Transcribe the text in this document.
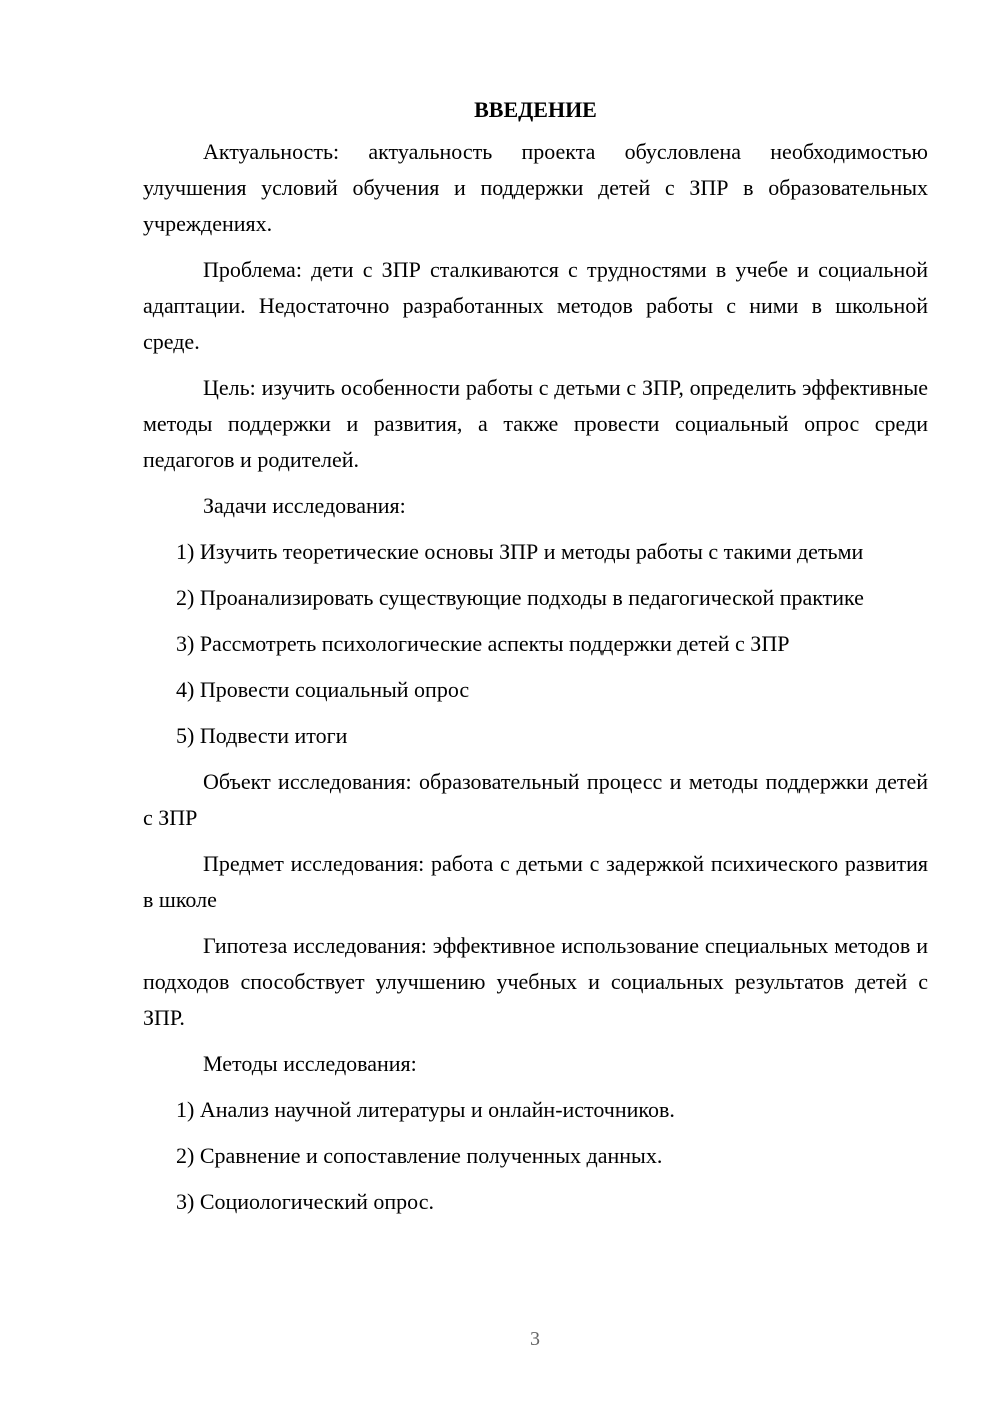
ВВЕДЕНИЕ

Актуальность: актуальность проекта обусловлена необходимостью улучшения условий обучения и поддержки детей с ЗПР в образовательных учреждениях.

Проблема: дети с ЗПР сталкиваются с трудностями в учебе и социальной адаптации. Недостаточно разработанных методов работы с ними в школьной среде.

Цель: изучить особенности работы с детьми с ЗПР, определить эффективные методы поддержки и развития, а также провести социальный опрос среди педагогов и родителей.

Задачи исследования:

1) Изучить теоретические основы ЗПР и методы работы с такими детьми

2) Проанализировать существующие подходы в педагогической практике

3) Рассмотреть психологические аспекты поддержки детей с ЗПР

4) Провести социальный опрос

5) Подвести итоги

Объект исследования: образовательный процесс и методы поддержки детей с ЗПР

Предмет исследования: работа с детьми с задержкой психического развития в школе

Гипотеза исследования: эффективное использование специальных методов и подходов способствует улучшению учебных и социальных результатов детей с ЗПР.

Методы исследования:

1) Анализ научной литературы и онлайн-источников.

2) Сравнение и сопоставление полученных данных.

3) Социологический опрос.

3
